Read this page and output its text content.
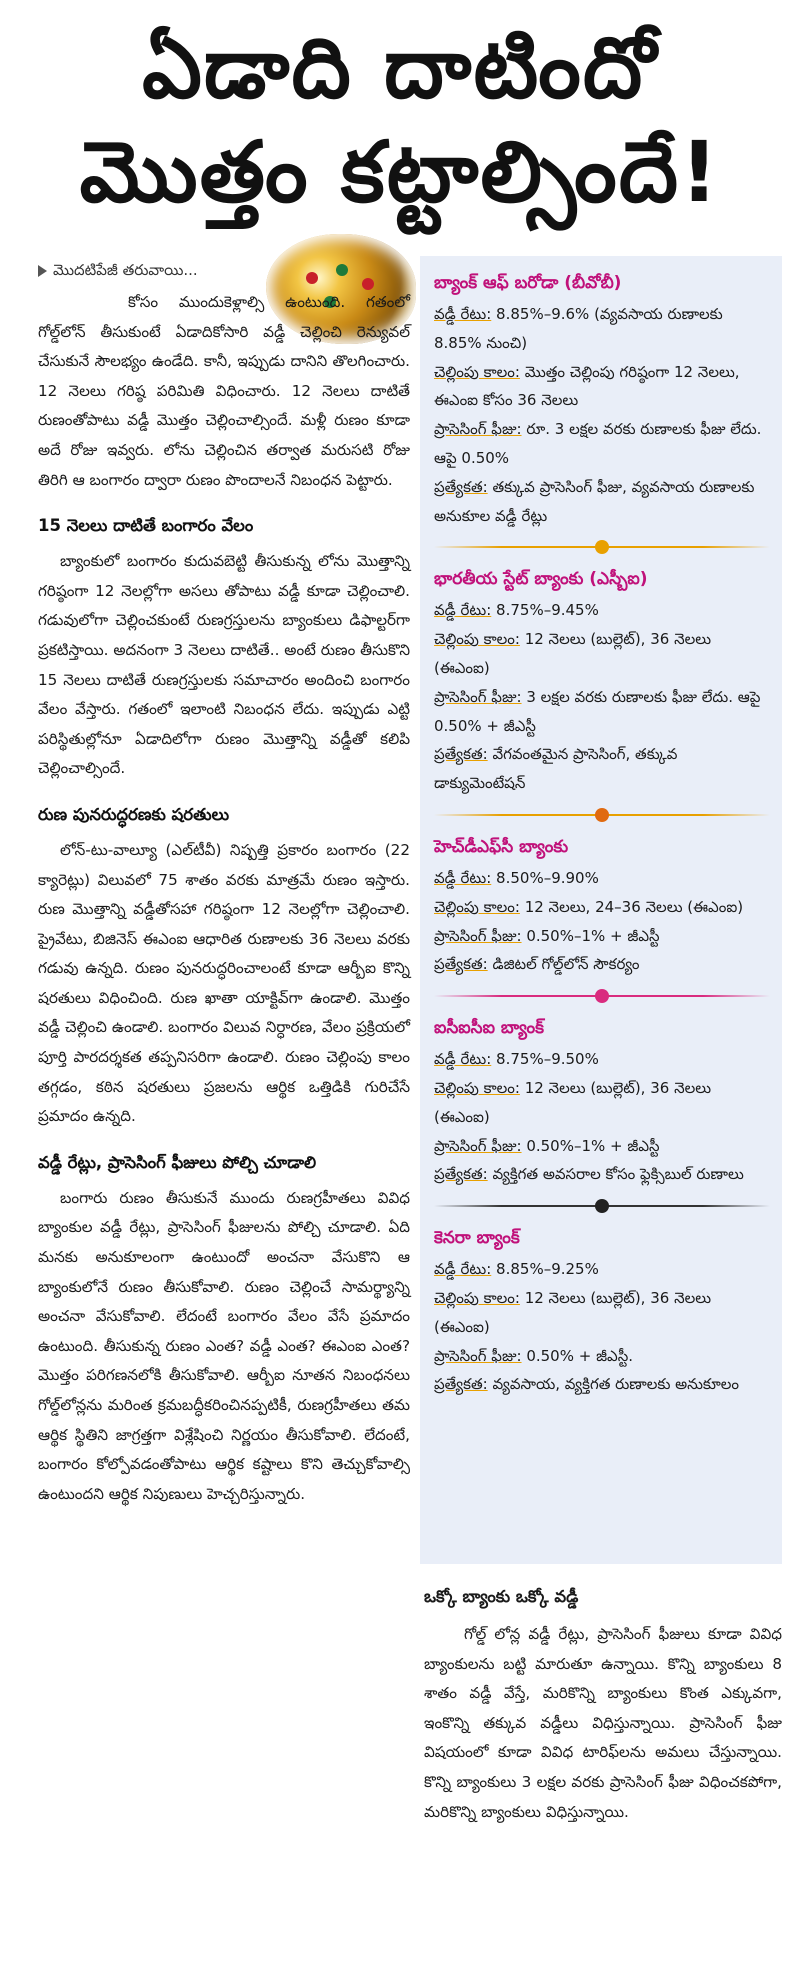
ఏడాది దాటిందో
మొత్తం కట్టాల్సిందే!
మొదటిపేజీ తరువాయి...

కోసం ముందుకెళ్లాల్సి ఉంటుంది. గతంలో గోల్డ్‌లోన్ తీసుకుంటే ఏడాదికోసారి వడ్డీ చెల్లించి రెన్యువల్ చేసుకునే సౌలభ్యం ఉండేది. కానీ, ఇప్పుడు దానిని తొలగించారు. 12 నెలలు గరిష్ఠ పరిమితి విధించారు. 12 నెలలు దాటితే రుణంతోపాటు వడ్డీ మొత్తం చెల్లించాల్సిందే. మళ్లీ రుణం కూడా అదే రోజు ఇవ్వరు. లోను చెల్లించిన తర్వాత మరుసటి రోజు తిరిగి ఆ బంగారం ద్వారా రుణం పొందాలనే నిబంధన పెట్టారు.

15 నెలలు దాటితే బంగారం వేలం

బ్యాంకులో బంగారం కుదువబెట్టి తీసుకున్న లోను మొత్తాన్ని గరిష్ఠంగా 12 నెలల్లోగా అసలు తోపాటు వడ్డీ కూడా చెల్లించాలి. గడువులోగా చెల్లించకుంటే రుణగ్రస్తులను బ్యాంకులు డిఫాల్టర్‌గా ప్రకటిస్తాయి. అదనంగా 3 నెలలు దాటితే.. అంటే రుణం తీసుకొని 15 నెలలు దాటితే రుణగ్రస్తులకు సమాచారం అందించి బంగారం వేలం వేస్తారు. గతంలో ఇలాంటి నిబంధన లేదు. ఇప్పుడు ఎట్టి పరిస్థితుల్లోనూ ఏడాదిలోగా రుణం మొత్తాన్ని వడ్డీతో కలిపి చెల్లించాల్సిందే.

రుణ పునరుద్ధరణకు షరతులు

లోన్-టు-వాల్యూ (ఎల్‌టీవీ) నిష్పత్తి ప్రకారం బంగారం (22 క్యారెట్లు) విలువలో 75 శాతం వరకు మాత్రమే రుణం ఇస్తారు. రుణ మొత్తాన్ని వడ్డీతోసహా గరిష్ఠంగా 12 నెలల్లోగా చెల్లించాలి. ప్రైవేటు, బిజినెస్ ఈఎంఐ ఆధారిత రుణాలకు 36 నెలలు వరకు గడువు ఉన్నది. రుణం పునరుద్ధరించాలంటే కూడా ఆర్బీఐ కొన్ని షరతులు విధించింది. రుణ ఖాతా యాక్టివ్‌గా ఉండాలి. మొత్తం వడ్డీ చెల్లించి ఉండాలి. బంగారం విలువ నిర్ధారణ, వేలం ప్రక్రియలో పూర్తి పారదర్శకత తప్పనిసరిగా ఉండాలి. రుణం చెల్లింపు కాలం తగ్గడం, కఠిన షరతులు ప్రజలను ఆర్థిక ఒత్తిడికి గురిచేసే ప్రమాదం ఉన్నది.

వడ్డీ రేట్లు, ప్రాసెసింగ్ ఫీజులు పోల్చి చూడాలి

బంగారు రుణం తీసుకునే ముందు రుణగ్రహీతలు వివిధ బ్యాంకుల వడ్డీ రేట్లు, ప్రాసెసింగ్ ఫీజులను పోల్చి చూడాలి. ఏది మనకు అనుకూలంగా ఉంటుందో అంచనా వేసుకొని ఆ బ్యాంకులోనే రుణం తీసుకోవాలి. రుణం చెల్లించే సామర్థ్యాన్ని అంచనా వేసుకోవాలి. లేదంటే బంగారం వేలం వేసే ప్రమాదం ఉంటుంది. తీసుకున్న రుణం ఎంత? వడ్డీ ఎంత? ఈఎంఐ ఎంత? మొత్తం పరిగణనలోకి తీసుకోవాలి. ఆర్బీఐ నూతన నిబంధనలు గోల్డ్‌లోన్లను మరింత క్రమబద్ధీకరించినప్పటికీ, రుణగ్రహీతలు తమ ఆర్థిక స్థితిని జాగ్రత్తగా విశ్లేషించి నిర్ణయం తీసుకోవాలి. లేదంటే, బంగారం కోల్పోవడంతోపాటు ఆర్థిక కష్టాలు కొని తెచ్చుకోవాల్సి ఉంటుందని ఆర్థిక నిపుణులు హెచ్చరిస్తున్నారు.

బ్యాంక్ ఆఫ్ బరోడా (బీవోబీ)
వడ్డీ రేటు: 8.85%–9.6% (వ్యవసాయ రుణాలకు 8.85% నుంచి)
చెల్లింపు కాలం: మొత్తం చెల్లింపు గరిష్ఠంగా 12 నెలలు, ఈఎంఐ కోసం 36 నెలలు
ప్రాసెసింగ్ ఫీజు: రూ. 3 లక్షల వరకు రుణాలకు ఫీజు లేదు. ఆపై 0.50%
ప్రత్యేకత: తక్కువ ప్రాసెసింగ్ ఫీజు, వ్యవసాయ రుణాలకు అనుకూల వడ్డీ రేట్లు
భారతీయ స్టేట్ బ్యాంకు (ఎస్బీఐ)
వడ్డీ రేటు: 8.75%–9.45%
చెల్లింపు కాలం: 12 నెలలు (బుల్లెట్), 36 నెలలు (ఈఎంఐ)
ప్రాసెసింగ్ ఫీజు: 3 లక్షల వరకు రుణాలకు ఫీజు లేదు. ఆపై 0.50% + జీఎస్టీ
ప్రత్యేకత: వేగవంతమైన ప్రాసెసింగ్, తక్కువ డాక్యుమెంటేషన్
హెచ్‌డీఎఫ్‌సీ బ్యాంకు
వడ్డీ రేటు: 8.50%–9.90%
చెల్లింపు కాలం: 12 నెలలు, 24–36 నెలలు (ఈఎంఐ)
ప్రాసెసింగ్ ఫీజు: 0.50%–1% + జీఎస్టీ
ప్రత్యేకత: డిజిటల్ గోల్డ్‌లోన్ సౌకర్యం
ఐసీఐసీఐ బ్యాంక్
వడ్డీ రేటు: 8.75%–9.50%
చెల్లింపు కాలం: 12 నెలలు (బుల్లెట్), 36 నెలలు (ఈఎంఐ)
ప్రాసెసింగ్ ఫీజు: 0.50%–1% + జీఎస్టీ
ప్రత్యేకత: వ్యక్తిగత అవసరాల కోసం ఫ్లెక్సిబుల్ రుణాలు
కెనరా బ్యాంక్
వడ్డీ రేటు: 8.85%–9.25%
చెల్లింపు కాలం: 12 నెలలు (బుల్లెట్), 36 నెలలు (ఈఎంఐ)
ప్రాసెసింగ్ ఫీజు: 0.50% + జీఎస్టీ.
ప్రత్యేకత: వ్యవసాయ, వ్యక్తిగత రుణాలకు అనుకూలం
ఒక్కో బ్యాంకు ఒక్కో వడ్డీ

గోల్డ్ లోన్ల వడ్డీ రేట్లు, ప్రాసెసింగ్ ఫీజులు కూడా వివిధ బ్యాంకులను బట్టి మారుతూ ఉన్నాయి. కొన్ని బ్యాంకులు 8 శాతం వడ్డీ వేస్తే, మరికొన్ని బ్యాంకులు కొంత ఎక్కువగా, ఇంకొన్ని తక్కువ వడ్డీలు విధిస్తున్నాయి. ప్రాసెసింగ్ ఫీజు విషయంలో కూడా వివిధ టారిఫ్‌లను అమలు చేస్తున్నాయి. కొన్ని బ్యాంకులు 3 లక్షల వరకు ప్రాసెసింగ్ ఫీజు విధించకపోగా, మరికొన్ని బ్యాంకులు విధిస్తున్నాయి.
